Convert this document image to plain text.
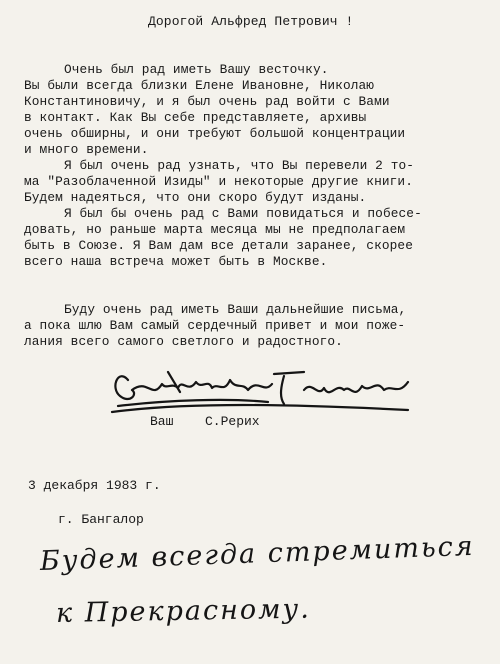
Дорогой Альфред Петрович !
Очень был рад иметь Вашу весточку.
Вы были всегда близки Елене Ивановне, Николаю
Константиновичу, и я был очень рад войти с Вами
в контакт. Как Вы себе представляете, архивы
очень обширны, и они требуют большой концентрации
и много времени.
Я был очень рад узнать, что Вы перевели 2 то-
ма "Разоблаченной Изиды" и некоторые другие книги.
Будем надеяться, что они скоро будут изданы.
Я был бы очень рад с Вами повидаться и побесе-
довать, но раньше марта месяца мы не предполагаем
быть в Союзе. Я Вам дам все детали заранее, скорее
всего наша встреча может быть в Москве.
Буду очень рад иметь Ваши дальнейшие письма,
а пока шлю Вам самый сердечный привет и мои поже-
лания всего самого светлого и радостного.
Ваш С.Рерих
3 декабря 1983 г.
г. Бангалор
Будем всегда стремиться
к Прекрасному.
